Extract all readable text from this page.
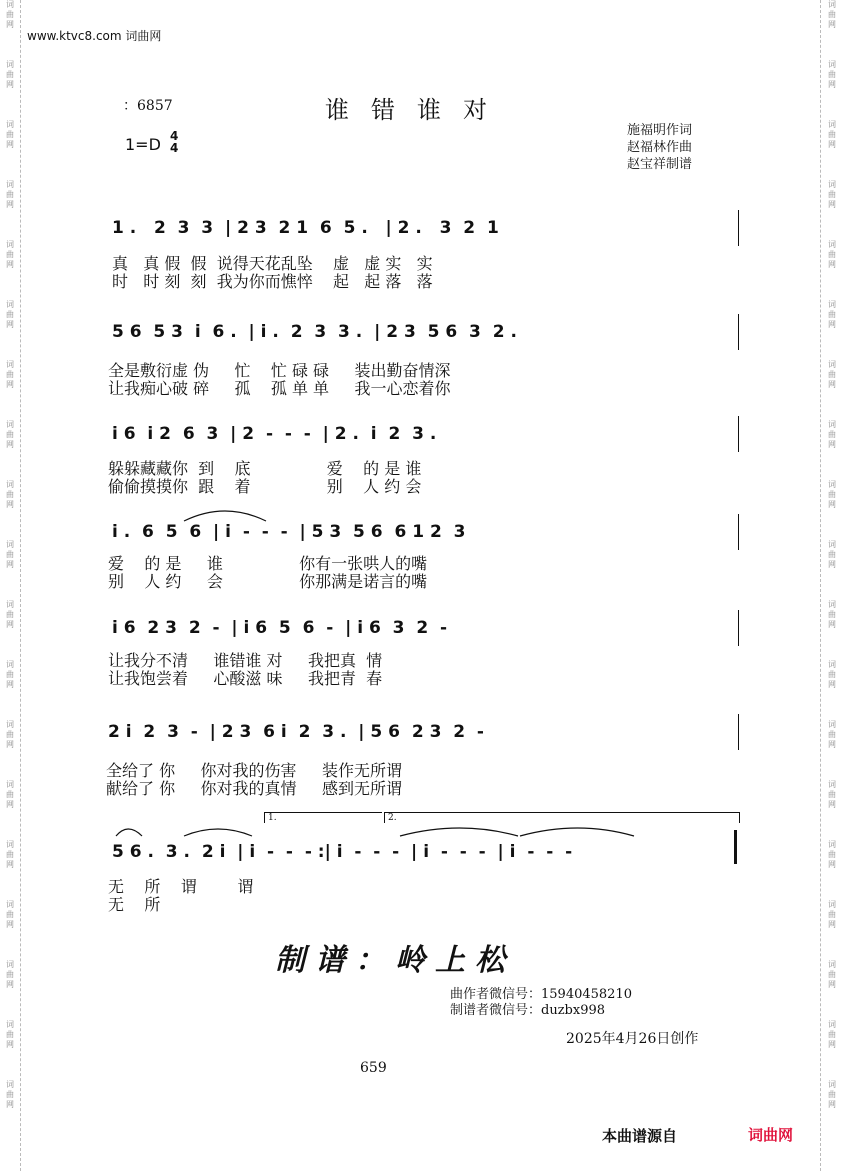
词
曲
网
词
曲
网
词
曲
网
词
曲
网
词
曲
网
词
曲
网
词
曲
网
词
曲
网
词
曲
网
词
曲
网
词
曲
网
词
曲
网
词
曲
网
词
曲
网
词
曲
网
词
曲
网
词
曲
网
词
曲
网
词
曲
网
词
曲
网
词
曲
网
词
曲
网
词
曲
网
词
曲
网
词
曲
网
词
曲
网
词
曲
网
词
曲
网
词
曲
网
词
曲
网
词
曲
网
词
曲
网
词
曲
网
词
曲
网
词
曲
网
词
曲
网
词
曲
网
词
曲
网
www.ktvc8.com 词曲网
：6857	谁错谁对
1=D 4
4
施福明作词
赵福林作曲
赵宝祥制谱
1 .   2  3  3  | 2 3  2 1  6  5 .   | 2 .   3  2  1
真   真 假  假  说得天花乱坠    虚   虚 实   实
时   时 刻  刻  我为你而憔悴    起   起 落   落
5 6  5 3  i  6 .  | i .  2  3  3 .  | 2 3  5 6  3  2 .
全是敷衍虚 伪     忙    忙 碌 碌     装出勤奋情深
让我痴心破 碎     孤    孤 单 单     我一心恋着你
i 6  i 2  6  3  | 2  -  -  -  | 2 .  i  2  3 .
躲躲藏藏你  到    底               爱    的 是 谁
偷偷摸摸你  跟    着               别    人 约 会
i .  6  5  6  | i  -  -  -  | 5 3  5 6  6 1 2  3
爱    的 是     谁               你有一张哄人的嘴
别    人 约     会               你那满是诺言的嘴
i 6  2 3  2  -  | i 6  5  6  -  | i 6  3  2  -
让我分不清     谁错谁 对     我把真  情
让我饱尝着     心酸滋 味     我把青  春
2 i  2  3  -  | 2 3  6 i  2  3 .  | 5 6  2 3  2  -
全给了 你     你对我的伤害     装作无所谓
献给了 你     你对我的真情     感到无所谓
1.	2.
5 6 .  3 .  2 i  | i  -  -  - :| i  -  -  -  | i  -  -  -  | i  -  -  -
无    所    谓        谓
无    所
制谱：岭上松
曲作者微信号：15940458210
制谱者微信号：duzbx998
2025年4月26日创作
659
本曲谱源自	词曲网
